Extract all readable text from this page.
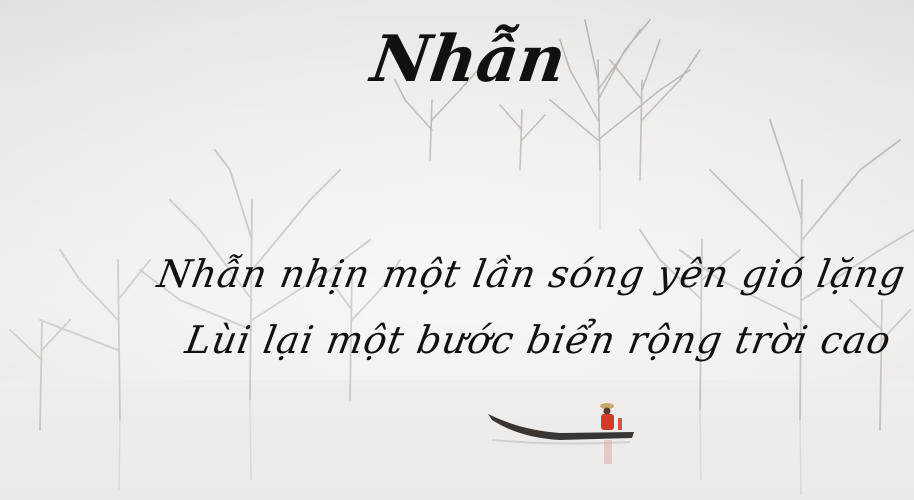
Nhẫn
Nhẫn nhịn một lần sóng yên gió lặng
Lùi lại một bước biển rộng trời cao
